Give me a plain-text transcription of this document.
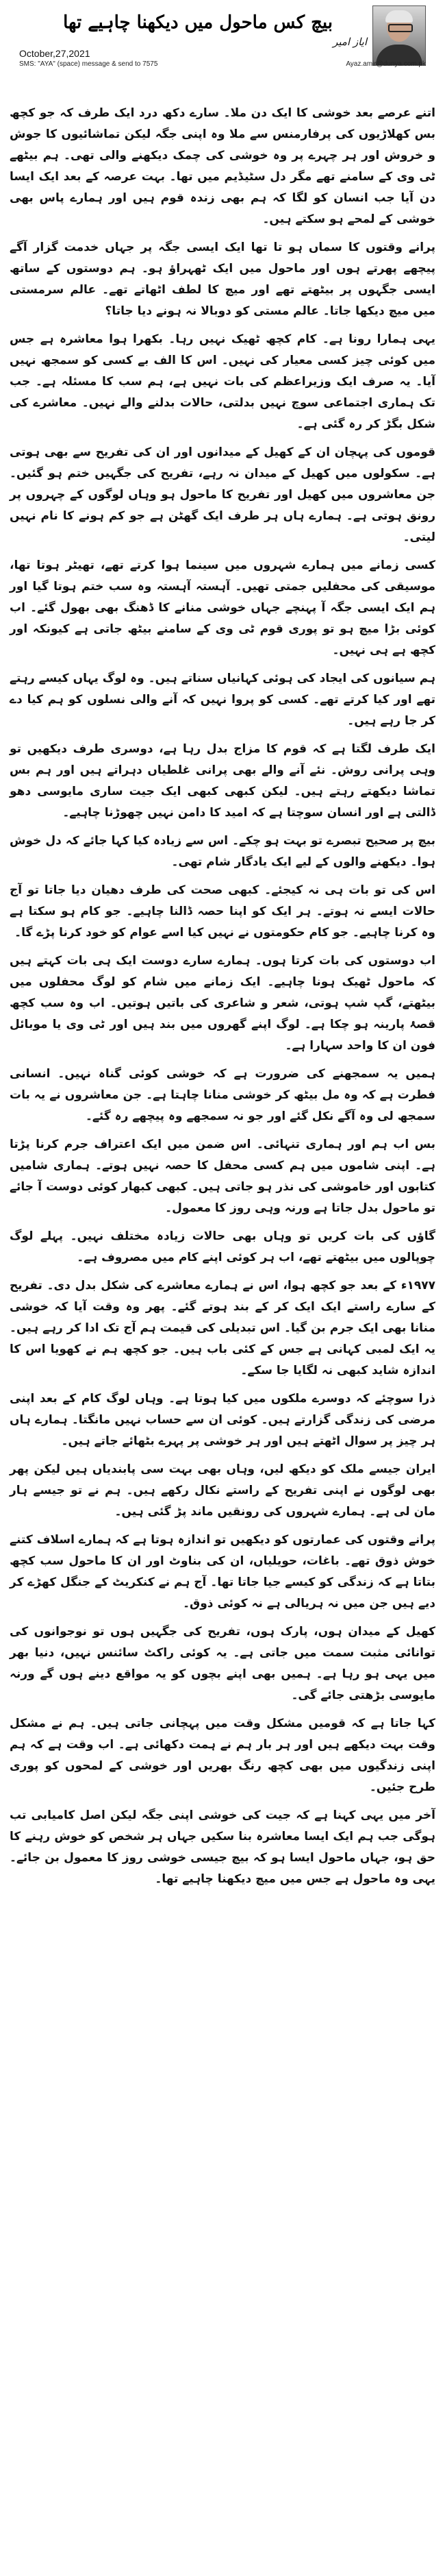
بیچ کس ماحول میں دیکھنا چاہیے تھا
ایاز امیر
October,27,2021
SMS: "AYA" (space) message & send to 7575	Ayaz.amir@dunya.com.pk

اتنے عرصے بعد خوشی کا ایک دن ملا۔ سارے دکھ درد ایک طرف کہ جو کچھ بس کھلاڑیوں کی پرفارمنس سے ملا وہ اپنی جگہ لیکن تماشائیوں کا جوش و خروش اور ہر چہرے پر وہ خوشی کی چمک دیکھنے والی تھی۔ ہم بیٹھے ٹی وی کے سامنے تھے مگر دل سٹیڈیم میں تھا۔ بہت عرصہ کے بعد ایک ایسا دن آیا جب انسان کو لگا کہ ہم بھی زندہ قوم ہیں اور ہمارے پاس بھی خوشی کے لمحے ہو سکتے ہیں۔

پرانے وقتوں کا سماں ہو تا تھا ایک ایسی جگہ پر جہاں خدمت گزار آگے پیچھے پھرتے ہوں اور ماحول میں ایک ٹھہراؤ ہو۔ ہم دوستوں کے ساتھ ایسی جگہوں پر بیٹھتے تھے اور میچ کا لطف اٹھاتے تھے۔ عالم سرمستی میں میچ دیکھا جاتا۔ عالم مستی کو دوبالا نہ ہونے دیا جاتا؟

یہی ہمارا رونا ہے۔ کام کچھ ٹھیک نہیں رہا۔ بکھرا ہوا معاشرہ ہے جس میں کوئی چیز کسی معیار کی نہیں۔ اس کا الف بے کسی کو سمجھ نہیں آیا۔ یہ صرف ایک وزیراعظم کی بات نہیں ہے، ہم سب کا مسئلہ ہے۔ جب تک ہماری اجتماعی سوچ نہیں بدلتی، حالات بدلنے والے نہیں۔ معاشرے کی شکل بگڑ کر رہ گئی ہے۔

قوموں کی پہچان ان کے کھیل کے میدانوں اور ان کی تفریح سے بھی ہوتی ہے۔ سکولوں میں کھیل کے میدان نہ رہے، تفریح کی جگہیں ختم ہو گئیں۔ جن معاشروں میں کھیل اور تفریح کا ماحول ہو وہاں لوگوں کے چہروں پر رونق ہوتی ہے۔ ہمارے ہاں ہر طرف ایک گھٹن ہے جو کم ہونے کا نام نہیں لیتی۔

کسی زمانے میں ہمارے شہروں میں سینما ہوا کرتے تھے، تھیٹر ہوتا تھا، موسیقی کی محفلیں جمتی تھیں۔ آہستہ آہستہ وہ سب ختم ہوتا گیا اور ہم ایک ایسی جگہ آ پہنچے جہاں خوشی منانے کا ڈھنگ بھی بھول گئے۔ اب کوئی بڑا میچ ہو تو پوری قوم ٹی وی کے سامنے بیٹھ جاتی ہے کیونکہ اور کچھ ہے ہی نہیں۔

ہم سیانوں کی ایجاد کی ہوئی کہانیاں سناتے ہیں۔ وہ لوگ یہاں کیسے رہتے تھے اور کیا کرتے تھے۔ کسی کو پروا نہیں کہ آنے والی نسلوں کو ہم کیا دے کر جا رہے ہیں۔

ایک طرف لگتا ہے کہ قوم کا مزاج بدل رہا ہے، دوسری طرف دیکھیں تو وہی پرانی روش۔ نئے آنے والے بھی پرانی غلطیاں دہراتے ہیں اور ہم بس تماشا دیکھتے رہتے ہیں۔ لیکن کبھی کبھی ایک جیت ساری مایوسی دھو ڈالتی ہے اور انسان سوچتا ہے کہ امید کا دامن نہیں چھوڑنا چاہیے۔

بیچ پر صحیح تبصرے تو بہت ہو چکے۔ اس سے زیادہ کیا کہا جائے کہ دل خوش ہوا۔ دیکھنے والوں کے لیے ایک یادگار شام تھی۔

اس کی تو بات ہی نہ کیجئے۔ کبھی صحت کی طرف دھیان دیا جاتا تو آج حالات ایسے نہ ہوتے۔ ہر ایک کو اپنا حصہ ڈالنا چاہیے۔ جو کام ہو سکتا ہے وہ کرنا چاہیے۔ جو کام حکومتوں نے نہیں کیا اسے عوام کو خود کرنا پڑے گا۔

اب دوستوں کی بات کرتا ہوں۔ ہمارے سارے دوست ایک ہی بات کہتے ہیں کہ ماحول ٹھیک ہونا چاہیے۔ ایک زمانے میں شام کو لوگ محفلوں میں بیٹھتے، گپ شپ ہوتی، شعر و شاعری کی باتیں ہوتیں۔ اب وہ سب کچھ قصۂ پارینہ ہو چکا ہے۔ لوگ اپنے گھروں میں بند ہیں اور ٹی وی یا موبائل فون ان کا واحد سہارا ہے۔

ہمیں یہ سمجھنے کی ضرورت ہے کہ خوشی کوئی گناہ نہیں۔ انسانی فطرت ہے کہ وہ مل بیٹھ کر خوشی منانا چاہتا ہے۔ جن معاشروں نے یہ بات سمجھ لی وہ آگے نکل گئے اور جو نہ سمجھے وہ پیچھے رہ گئے۔

بس اب ہم اور ہماری تنہائی۔ اس ضمن میں ایک اعتراف جرم کرنا پڑتا ہے۔ اپنی شاموں میں ہم کسی محفل کا حصہ نہیں ہوتے۔ ہماری شامیں کتابوں اور خاموشی کی نذر ہو جاتی ہیں۔ کبھی کبھار کوئی دوست آ جائے تو ماحول بدل جاتا ہے ورنہ وہی روز کا معمول۔

گاؤں کی بات کریں تو وہاں بھی حالات زیادہ مختلف نہیں۔ پہلے لوگ چوپالوں میں بیٹھتے تھے، اب ہر کوئی اپنے کام میں مصروف ہے۔

۱۹۷۷ء کے بعد جو کچھ ہوا، اس نے ہمارے معاشرے کی شکل بدل دی۔ تفریح کے سارے راستے ایک ایک کر کے بند ہوتے گئے۔ پھر وہ وقت آیا کہ خوشی منانا بھی ایک جرم بن گیا۔ اس تبدیلی کی قیمت ہم آج تک ادا کر رہے ہیں۔ یہ ایک لمبی کہانی ہے جس کے کئی باب ہیں۔ جو کچھ ہم نے کھویا اس کا اندازہ شاید کبھی نہ لگایا جا سکے۔

ذرا سوچئے کہ دوسرے ملکوں میں کیا ہوتا ہے۔ وہاں لوگ کام کے بعد اپنی مرضی کی زندگی گزارتے ہیں۔ کوئی ان سے حساب نہیں مانگتا۔ ہمارے ہاں ہر چیز پر سوال اٹھتے ہیں اور ہر خوشی پر پہرے بٹھائے جاتے ہیں۔

ایران جیسے ملک کو دیکھ لیں، وہاں بھی بہت سی پابندیاں ہیں لیکن پھر بھی لوگوں نے اپنی تفریح کے راستے نکال رکھے ہیں۔ ہم نے تو جیسے ہار مان لی ہے۔ ہمارے شہروں کی رونقیں ماند پڑ گئی ہیں۔

پرانے وقتوں کی عمارتوں کو دیکھیں تو اندازہ ہوتا ہے کہ ہمارے اسلاف کتنے خوش ذوق تھے۔ باغات، حویلیاں، ان کی بناوٹ اور ان کا ماحول سب کچھ بتاتا ہے کہ زندگی کو کیسے جیا جاتا تھا۔ آج ہم نے کنکریٹ کے جنگل کھڑے کر دیے ہیں جن میں نہ ہریالی ہے نہ کوئی ذوق۔

کھیل کے میدان ہوں، پارک ہوں، تفریح کی جگہیں ہوں تو نوجوانوں کی توانائی مثبت سمت میں جاتی ہے۔ یہ کوئی راکٹ سائنس نہیں، دنیا بھر میں یہی ہو رہا ہے۔ ہمیں بھی اپنے بچوں کو یہ مواقع دینے ہوں گے ورنہ مایوسی بڑھتی جائے گی۔

کہا جاتا ہے کہ قومیں مشکل وقت میں پہچانی جاتی ہیں۔ ہم نے مشکل وقت بہت دیکھے ہیں اور ہر بار ہم نے ہمت دکھائی ہے۔ اب وقت ہے کہ ہم اپنی زندگیوں میں بھی کچھ رنگ بھریں اور خوشی کے لمحوں کو پوری طرح جئیں۔

آخر میں یہی کہنا ہے کہ جیت کی خوشی اپنی جگہ لیکن اصل کامیابی تب ہوگی جب ہم ایک ایسا معاشرہ بنا سکیں جہاں ہر شخص کو خوش رہنے کا حق ہو، جہاں ماحول ایسا ہو کہ بیچ جیسی خوشی روز کا معمول بن جائے۔ یہی وہ ماحول ہے جس میں میچ دیکھنا چاہیے تھا۔
